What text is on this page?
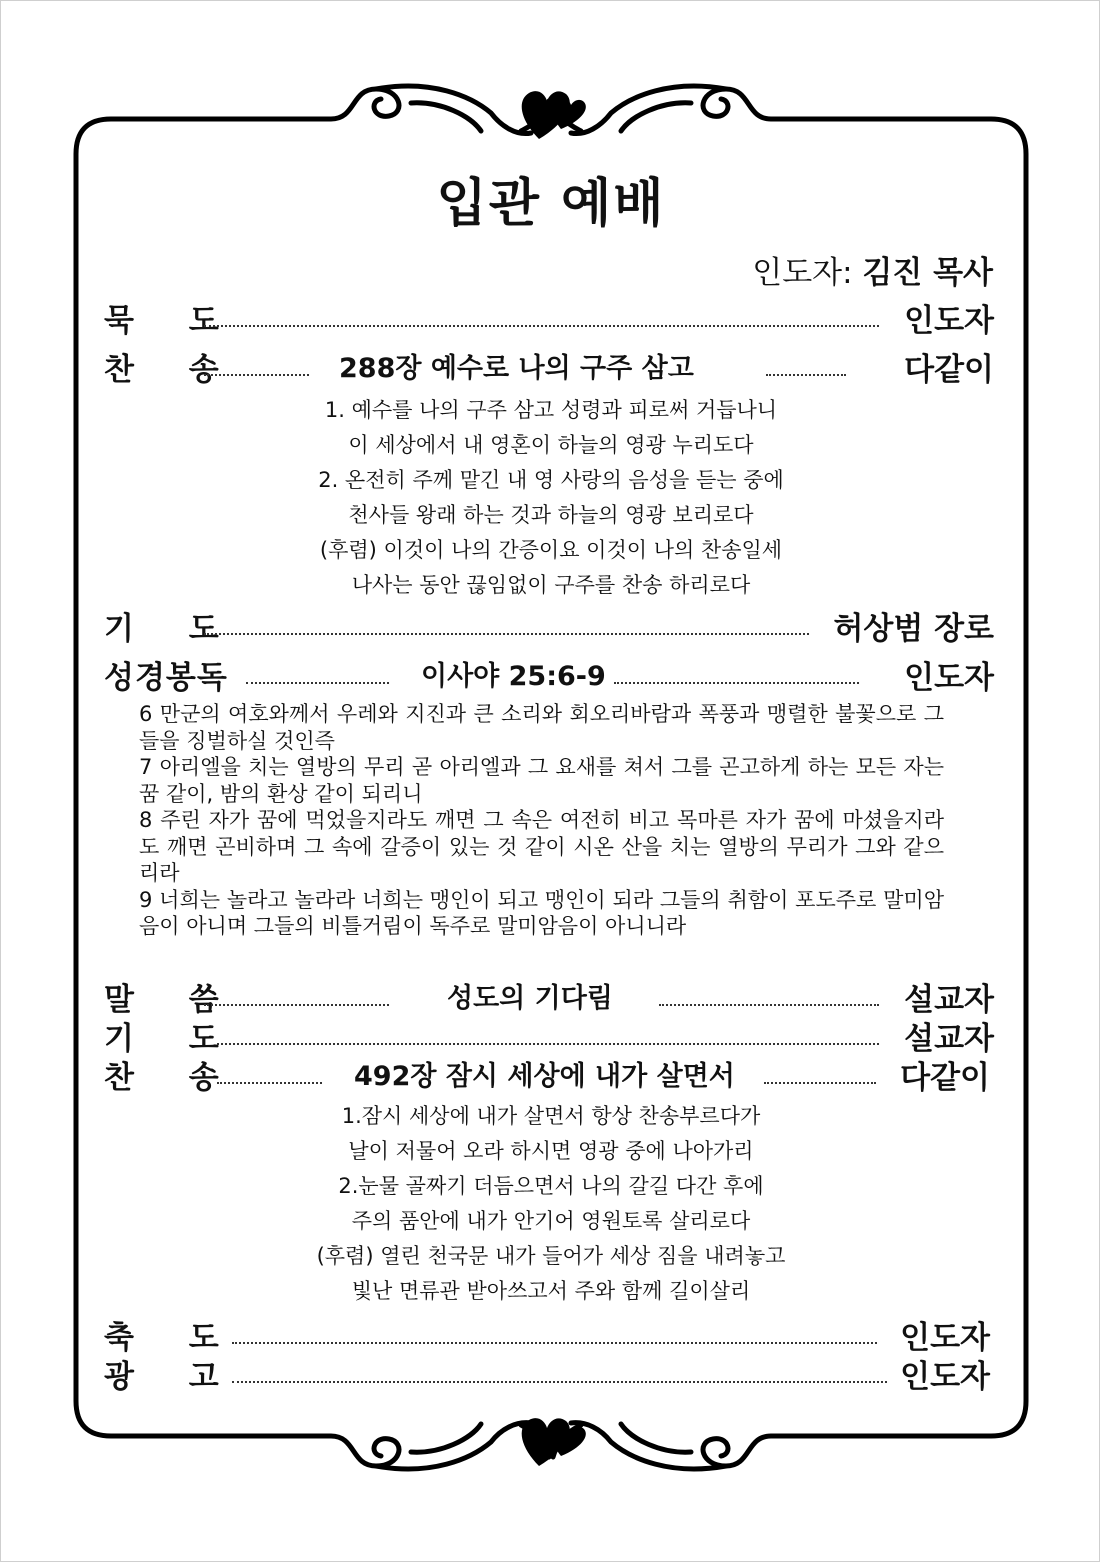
입관 예배
인도자: 김진 목사
묵 도	인도자
찬 송	288장 예수로 나의 구주 삼고	다같이
1. 예수를 나의 구주 삼고 성령과 피로써 거듭나니
이 세상에서 내 영혼이 하늘의 영광 누리도다
2. 온전히 주께 맡긴 내 영 사랑의 음성을 듣는 중에
천사들 왕래 하는 것과 하늘의 영광 보리로다
(후렴) 이것이 나의 간증이요 이것이 나의 찬송일세
나사는 동안 끊임없이 구주를 찬송 하리로다
기 도	허상범 장로
성경봉독	이사야 25:6-9	인도자

6 만군의 여호와께서 우레와 지진과 큰 소리와 회오리바람과 폭풍과 맹렬한 불꽃으로 그들을 징벌하실 것인즉

7 아리엘을 치는 열방의 무리 곧 아리엘과 그 요새를 쳐서 그를 곤고하게 하는 모든 자는 꿈 같이, 밤의 환상 같이 되리니

8 주린 자가 꿈에 먹었을지라도 깨면 그 속은 여전히 비고 목마른 자가 꿈에 마셨을지라도 깨면 곤비하며 그 속에 갈증이 있는 것 같이 시온 산을 치는 열방의 무리가 그와 같으리라

9 너희는 놀라고 놀라라 너희는 맹인이 되고 맹인이 되라 그들의 취함이 포도주로 말미암음이 아니며 그들의 비틀거림이 독주로 말미암음이 아니니라

말 씀	성도의 기다림	설교자
기 도	설교자
찬 송	492장 잠시 세상에 내가 살면서	다같이
1.잠시 세상에 내가 살면서 항상 찬송부르다가
날이 저물어 오라 하시면 영광 중에 나아가리
2.눈물 골짜기 더듬으면서 나의 갈길 다간 후에
주의 품안에 내가 안기어 영원토록 살리로다
(후렴) 열린 천국문 내가 들어가 세상 짐을 내려놓고
빛난 면류관 받아쓰고서 주와 함께 길이살리
축 도	인도자
광 고	인도자
